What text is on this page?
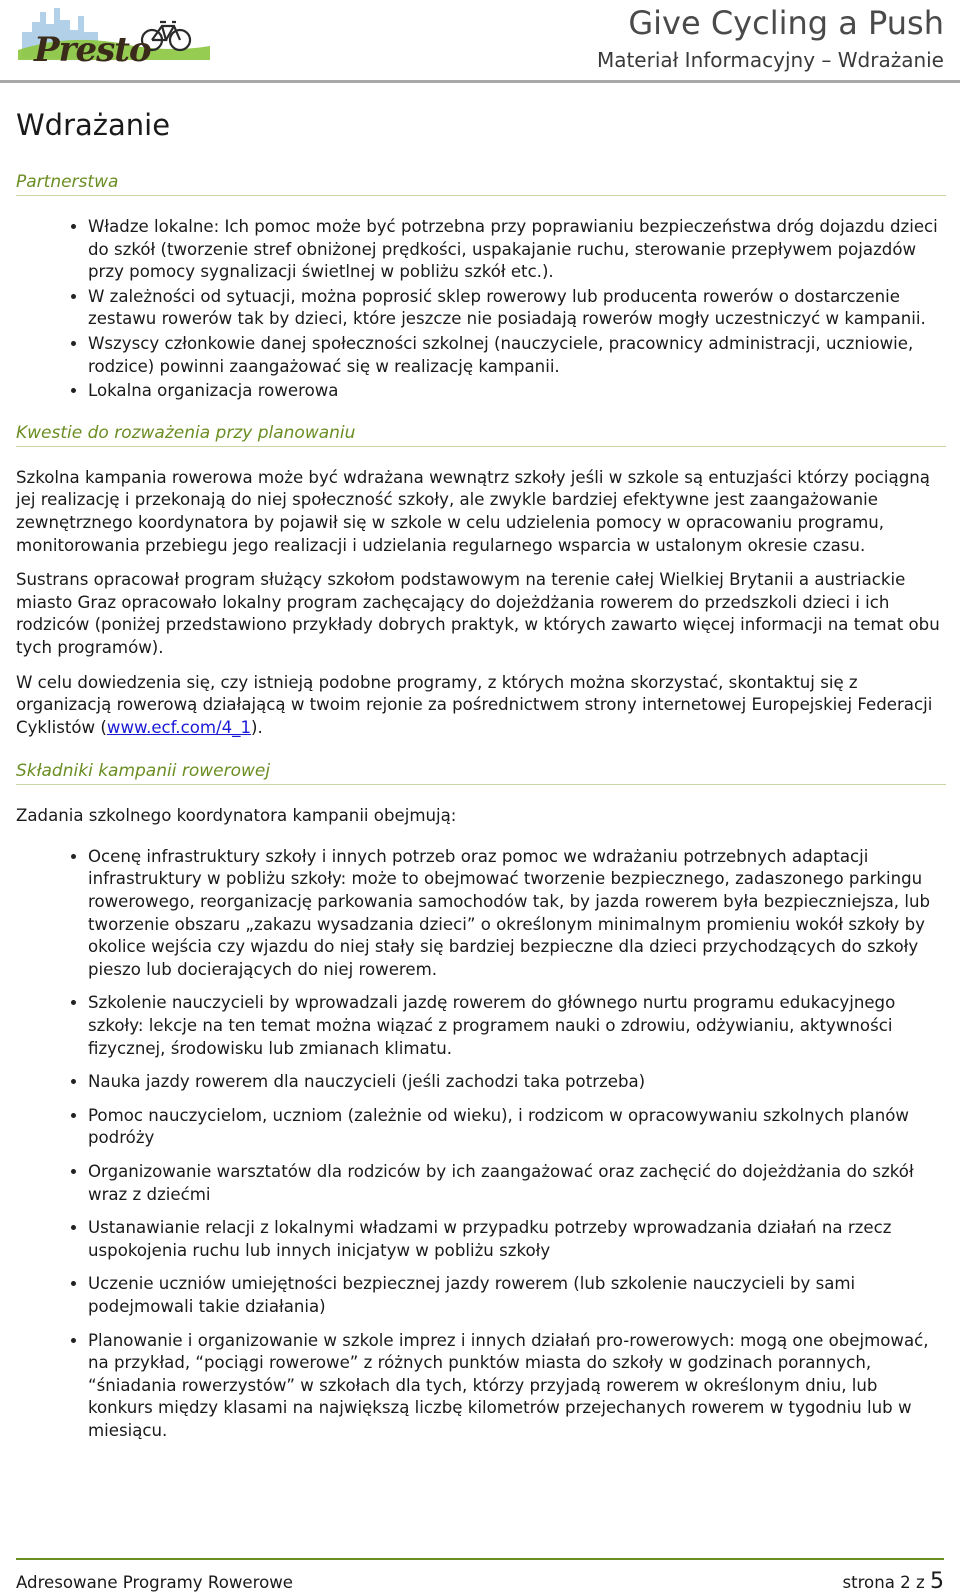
Presto
Give Cycling a Push
Materiał Informacyjny – Wdrażanie
Wdrażanie
Partnerstwa
• Władze lokalne: Ich pomoc może być potrzebna przy poprawianiu bezpieczeństwa dróg dojazdu dzieci do szkół (tworzenie stref obniżonej prędkości, uspakajanie ruchu, sterowanie przepływem pojazdów przy pomocy sygnalizacji świetlnej w pobliżu szkół etc.).
• W zależności od sytuacji, można poprosić sklep rowerowy lub producenta rowerów o dostarczenie zestawu rowerów tak by dzieci, które jeszcze nie posiadają rowerów mogły uczestniczyć w kampanii.
• Wszyscy członkowie danej społeczności szkolnej (nauczyciele, pracownicy administracji, uczniowie, rodzice) powinni zaangażować się w realizację kampanii.
• Lokalna organizacja rowerowa
Kwestie do rozważenia przy planowaniu

Szkolna kampania rowerowa może być wdrażana wewnątrz szkoły jeśli w szkole są entuzjaści którzy pociągną jej realizację i przekonają do niej społeczność szkoły, ale zwykle bardziej efektywne jest zaangażowanie zewnętrznego koordynatora by pojawił się w szkole w celu udzielenia pomocy w opracowaniu programu, monitorowania przebiegu jego realizacji i udzielania regularnego wsparcia w ustalonym okresie czasu.

Sustrans opracował program służący szkołom podstawowym na terenie całej Wielkiej Brytanii a austriackie miasto Graz opracowało lokalny program zachęcający do dojeżdżania rowerem do przedszkoli dzieci i ich rodziców (poniżej przedstawiono przykłady dobrych praktyk, w których zawarto więcej informacji na temat obu tych programów).

W celu dowiedzenia się, czy istnieją podobne programy, z których można skorzystać, skontaktuj się z organizacją rowerową działającą w twoim rejonie za pośrednictwem strony internetowej Europejskiej Federacji Cyklistów (www.ecf.com/4_1).

Składniki kampanii rowerowej

Zadania szkolnego koordynatora kampanii obejmują:

• Ocenę infrastruktury szkoły i innych potrzeb oraz pomoc we wdrażaniu potrzebnych adaptacji infrastruktury w pobliżu szkoły: może to obejmować tworzenie bezpiecznego, zadaszonego parkingu rowerowego, reorganizację parkowania samochodów tak, by jazda rowerem była bezpieczniejsza, lub tworzenie obszaru „zakazu wysadzania dzieci” o określonym minimalnym promieniu wokół szkoły by okolice wejścia czy wjazdu do niej stały się bardziej bezpieczne dla dzieci przychodzących do szkoły pieszo lub docierających do niej rowerem.
• Szkolenie nauczycieli by wprowadzali jazdę rowerem do głównego nurtu programu edukacyjnego szkoły: lekcje na ten temat można wiązać z programem nauki o zdrowiu, odżywianiu, aktywności fizycznej, środowisku lub zmianach klimatu.
• Nauka jazdy rowerem dla nauczycieli (jeśli zachodzi taka potrzeba)
• Pomoc nauczycielom, uczniom (zależnie od wieku), i rodzicom w opracowywaniu szkolnych planów podróży
• Organizowanie warsztatów dla rodziców by ich zaangażować oraz zachęcić do dojeżdżania do szkół wraz z dziećmi
• Ustanawianie relacji z lokalnymi władzami w przypadku potrzeby wprowadzania działań na rzecz uspokojenia ruchu lub innych inicjatyw w pobliżu szkoły
• Uczenie uczniów umiejętności bezpiecznej jazdy rowerem (lub szkolenie nauczycieli by sami podejmowali takie działania)
• Planowanie i organizowanie w szkole imprez i innych działań pro-rowerowych: mogą one obejmować, na przykład, “pociągi rowerowe” z różnych punktów miasta do szkoły w godzinach porannych, “śniadania rowerzystów” w szkołach dla tych, którzy przyjadą rowerem w określonym dniu, lub konkurs między klasami na największą liczbę kilometrów przejechanych rowerem w tygodniu lub w miesiącu.
Adresowane Programy Rowerowe	strona 2 z 5
